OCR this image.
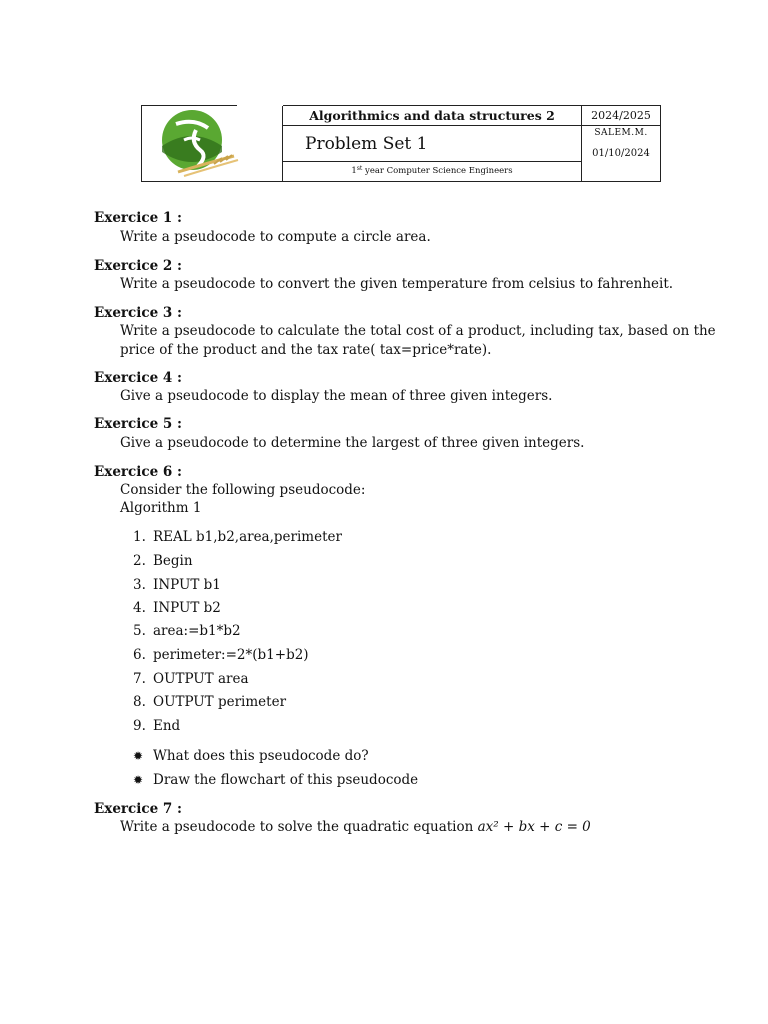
Algorithmics and data structures 2
Problem Set 1
1st year Computer Science Engineers
2024/2025
SALEM.M.
01/10/2024
Exercice 1 :
Write a pseudocode to compute a circle area.
Exercice 2 :
Write a pseudocode to convert the given temperature from celsius to fahrenheit.
Exercice 3 :
Write a pseudocode to calculate the total cost of a product, including tax, based on the price of the product and the tax rate( tax=price*rate).
Exercice 4 :
Give a pseudocode to display the mean of three given integers.
Exercice 5 :
Give a pseudocode to determine the largest of three given integers.
Exercice 6 :
Consider the following pseudocode:
Algorithm 1
1. REAL b1,b2,area,perimeter
2. Begin
3. INPUT b1
4. INPUT b2
5. area:=b1*b2
6. perimeter:=2*(b1+b2)
7. OUTPUT area
8. OUTPUT perimeter
9. End
✹ What does this pseudocode do?
✹ Draw the flowchart of this pseudocode
Exercice 7 :
Write a pseudocode to solve the quadratic equation ax² + bx + c = 0
